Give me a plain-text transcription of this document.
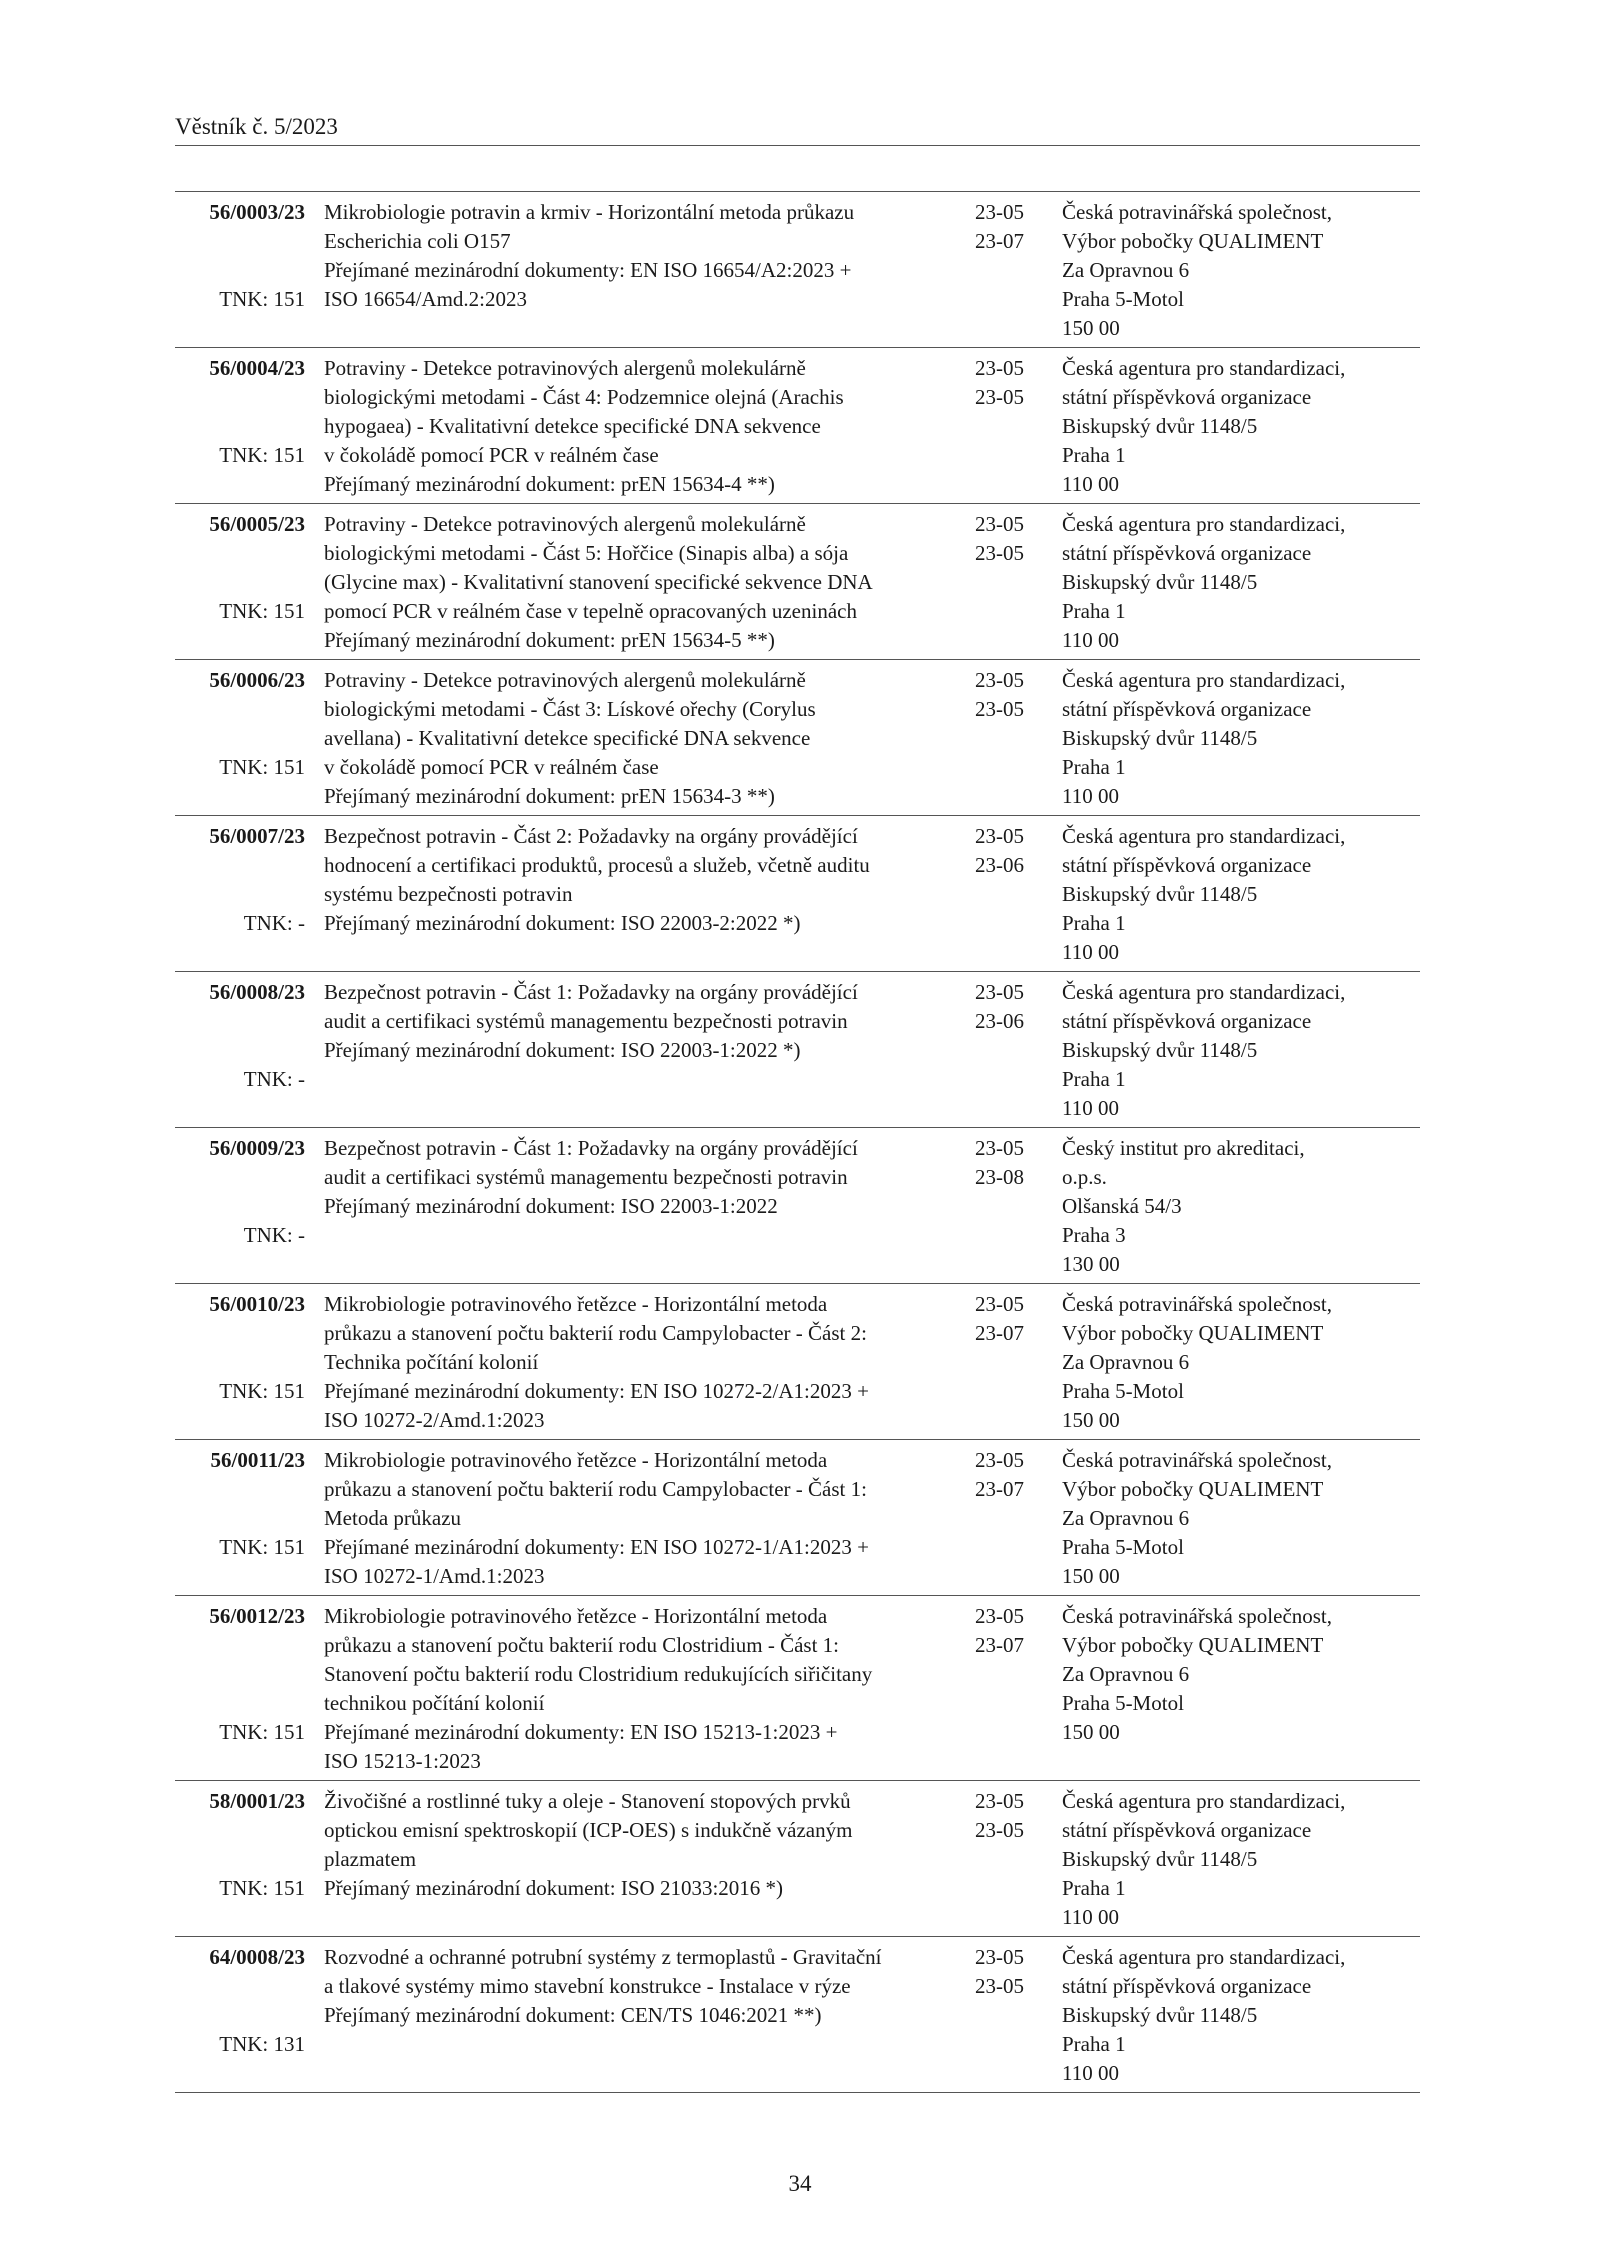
Věstník č. 5/2023
56/0003/23
TNK: 151
Mikrobiologie potravin a krmiv - Horizontální metoda průkazu
Escherichia coli O157
Přejímané mezinárodní dokumenty: EN ISO 16654/A2:2023 +
ISO 16654/Amd.2:2023
23-05
23-07
Česká potravinářská společnost,
Výbor pobočky QUALIMENT
Za Opravnou 6
Praha 5-Motol
150 00
56/0004/23
TNK: 151
Potraviny - Detekce potravinových alergenů molekulárně
biologickými metodami - Část 4: Podzemnice olejná (Arachis
hypogaea) - Kvalitativní detekce specifické DNA sekvence
v čokoládě pomocí PCR v reálném čase
Přejímaný mezinárodní dokument: prEN 15634-4 **)
23-05
23-05
Česká agentura pro standardizaci,
státní příspěvková organizace
Biskupský dvůr 1148/5
Praha 1
110 00
56/0005/23
TNK: 151
Potraviny - Detekce potravinových alergenů molekulárně
biologickými metodami - Část 5: Hořčice (Sinapis alba) a sója
(Glycine max) - Kvalitativní stanovení specifické sekvence DNA
pomocí PCR v reálném čase v tepelně opracovaných uzeninách
Přejímaný mezinárodní dokument: prEN 15634-5 **)
23-05
23-05
Česká agentura pro standardizaci,
státní příspěvková organizace
Biskupský dvůr 1148/5
Praha 1
110 00
56/0006/23
TNK: 151
Potraviny - Detekce potravinových alergenů molekulárně
biologickými metodami - Část 3: Lískové ořechy (Corylus
avellana) - Kvalitativní detekce specifické DNA sekvence
v čokoládě pomocí PCR v reálném čase
Přejímaný mezinárodní dokument: prEN 15634-3 **)
23-05
23-05
Česká agentura pro standardizaci,
státní příspěvková organizace
Biskupský dvůr 1148/5
Praha 1
110 00
56/0007/23
TNK: -
Bezpečnost potravin - Část 2: Požadavky na orgány provádějící
hodnocení a certifikaci produktů, procesů a služeb, včetně auditu
systému bezpečnosti potravin
Přejímaný mezinárodní dokument: ISO 22003-2:2022 *)
23-05
23-06
Česká agentura pro standardizaci,
státní příspěvková organizace
Biskupský dvůr 1148/5
Praha 1
110 00
56/0008/23
TNK: -
Bezpečnost potravin - Část 1: Požadavky na orgány provádějící
audit a certifikaci systémů managementu bezpečnosti potravin
Přejímaný mezinárodní dokument: ISO 22003-1:2022 *)
23-05
23-06
Česká agentura pro standardizaci,
státní příspěvková organizace
Biskupský dvůr 1148/5
Praha 1
110 00
56/0009/23
TNK: -
Bezpečnost potravin - Část 1: Požadavky na orgány provádějící
audit a certifikaci systémů managementu bezpečnosti potravin
Přejímaný mezinárodní dokument: ISO 22003-1:2022
23-05
23-08
Český institut pro akreditaci,
o.p.s.
Olšanská 54/3
Praha 3
130 00
56/0010/23
TNK: 151
Mikrobiologie potravinového řetězce - Horizontální metoda
průkazu a stanovení počtu bakterií rodu Campylobacter - Část 2:
Technika počítání kolonií
Přejímané mezinárodní dokumenty: EN ISO 10272-2/A1:2023 +
ISO 10272-2/Amd.1:2023
23-05
23-07
Česká potravinářská společnost,
Výbor pobočky QUALIMENT
Za Opravnou 6
Praha 5-Motol
150 00
56/0011/23
TNK: 151
Mikrobiologie potravinového řetězce - Horizontální metoda
průkazu a stanovení počtu bakterií rodu Campylobacter - Část 1:
Metoda průkazu
Přejímané mezinárodní dokumenty: EN ISO 10272-1/A1:2023 +
ISO 10272-1/Amd.1:2023
23-05
23-07
Česká potravinářská společnost,
Výbor pobočky QUALIMENT
Za Opravnou 6
Praha 5-Motol
150 00
56/0012/23
TNK: 151
Mikrobiologie potravinového řetězce - Horizontální metoda
průkazu a stanovení počtu bakterií rodu Clostridium - Část 1:
Stanovení počtu bakterií rodu Clostridium redukujících siřičitany
technikou počítání kolonií
Přejímané mezinárodní dokumenty: EN ISO 15213-1:2023 +
ISO 15213-1:2023
23-05
23-07
Česká potravinářská společnost,
Výbor pobočky QUALIMENT
Za Opravnou 6
Praha 5-Motol
150 00
58/0001/23
TNK: 151
Živočišné a rostlinné tuky a oleje - Stanovení stopových prvků
optickou emisní spektroskopií (ICP-OES) s indukčně vázaným
plazmatem
Přejímaný mezinárodní dokument: ISO 21033:2016 *)
23-05
23-05
Česká agentura pro standardizaci,
státní příspěvková organizace
Biskupský dvůr 1148/5
Praha 1
110 00
64/0008/23
TNK: 131
Rozvodné a ochranné potrubní systémy z termoplastů - Gravitační
a tlakové systémy mimo stavební konstrukce - Instalace v rýze
Přejímaný mezinárodní dokument: CEN/TS 1046:2021 **)
23-05
23-05
Česká agentura pro standardizaci,
státní příspěvková organizace
Biskupský dvůr 1148/5
Praha 1
110 00
34
